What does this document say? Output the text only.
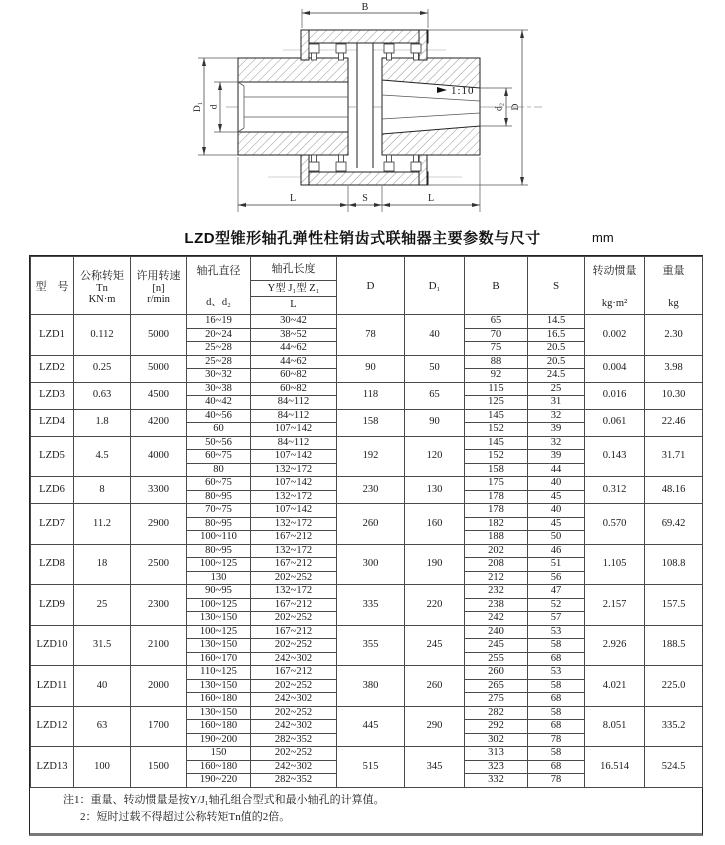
1:10
B
D₁ d	d₂ D
L	S	L
LZD型锥形轴孔弹性柱销齿式联轴器主要参数与尺寸	mm
型　号	
公称转矩
Tn
KN·m

许用转速
[n]
r/min

轴孔直径
d、d₂

轴孔长度
Y型 J₁型 Z₁
L
	D	D₁	B	S	
转动惯量
kg·m²

重量
kg

LZD1	0.112	5000	16~19	30~42	78	40	65	14.5	0.002	2.30
			20~24	38~52			70	16.5		
			25~28	44~62			75	20.5		
LZD2	0.25	5000	25~28	44~62	90	50	88	20.5	0.004	3.98
			30~32	60~82			92	24.5		
LZD3	0.63	4500	30~38	60~82	118	65	115	25	0.016	10.30
			40~42	84~112			125	31		
LZD4	1.8	4200	40~56	84~112	158	90	145	32	0.061	22.46
			60	107~142			152	39		
LZD5	4.5	4000	50~56	84~112	192	120	145	32	0.143	31.71
			60~75	107~142			152	39		
			80	132~172			158	44		
LZD6	8	3300	60~75	107~142	230	130	175	40	0.312	48.16
			80~95	132~172			178	45		
LZD7	11.2	2900	70~75	107~142	260	160	178	40	0.570	69.42
			80~95	132~172			182	45		
			100~110	167~212			188	50		
LZD8	18	2500	80~95	132~172	300	190	202	46	1.105	108.8
			100~125	167~212			208	51		
			130	202~252			212	56		
LZD9	25	2300	90~95	132~172	335	220	232	47	2.157	157.5
			100~125	167~212			238	52		
			130~150	202~252			242	57		
LZD10	31.5	2100	100~125	167~212	355	245	240	53	2.926	188.5
			130~150	202~252			245	58		
			160~170	242~302			255	68		
LZD11	40	2000	110~125	167~212	380	260	260	53	4.021	225.0
			130~150	202~252			265	58		
			160~180	242~302			275	68		
LZD12	63	1700	130~150	202~252	445	290	282	58	8.051	335.2
			160~180	242~302			292	68		
			190~200	282~352			302	78		
LZD13	100	1500	150	202~252	515	345	313	58	16.514	524.5
			160~180	242~302			323	68		
			190~220	282~352			332	78		
注1：重量、转动惯量是按Y/J₁轴孔组合型式和最小轴孔的计算值。
2：短时过载不得超过公称转矩Tn值的2倍。
